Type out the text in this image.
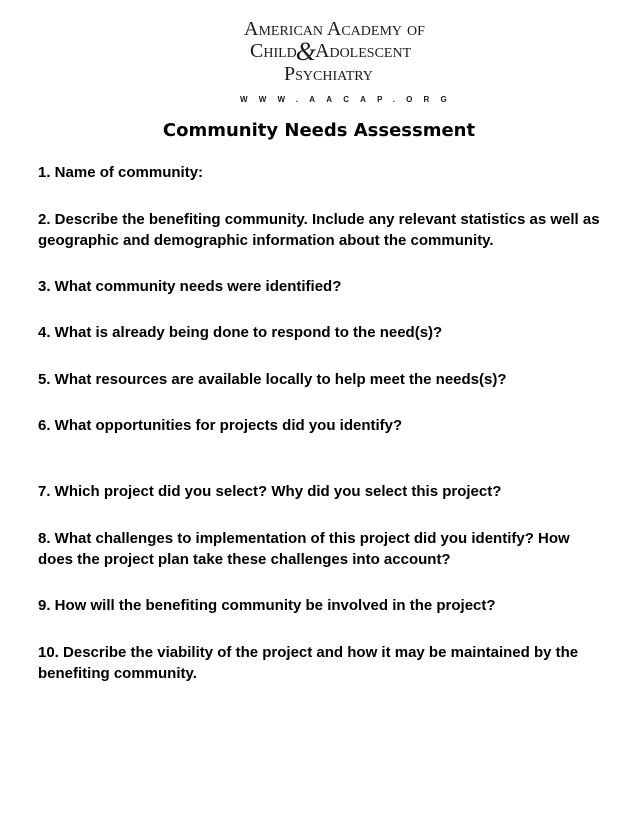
American Academy of
Child&Adolescent
Psychiatry
WWW.AACAP.ORG
Community Needs Assessment

1. Name of community:

2. Describe the benefiting community. Include any relevant statistics as well as geographic and demographic information about the community.

3. What community needs were identified?

4. What is already being done to respond to the need(s)?

5. What resources are available locally to help meet the needs(s)?

6. What opportunities for projects did you identify?

7. Which project did you select? Why did you select this project?

8. What challenges to implementation of this project did you identify? How does the project plan take these challenges into account?

9. How will the benefiting community be involved in the project?

10. Describe the viability of the project and how it may be maintained by the benefiting community.
